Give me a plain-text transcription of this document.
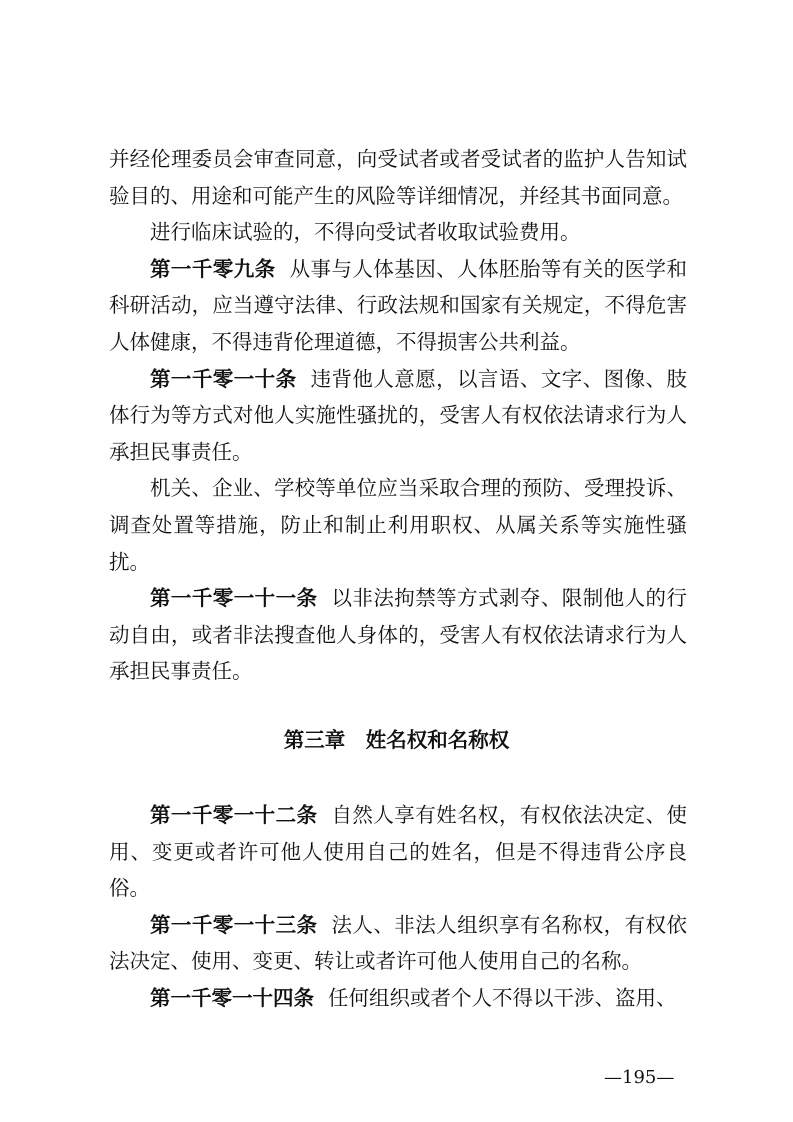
并经伦理委员会审查同意，向受试者或者受试者的监护人告知试验目的、用途和可能产生的风险等详细情况，并经其书面同意。

进行临床试验的，不得向受试者收取试验费用。

第一千零九条 从事与人体基因、人体胚胎等有关的医学和科研活动，应当遵守法律、行政法规和国家有关规定，不得危害人体健康，不得违背伦理道德，不得损害公共利益。

第一千零一十条 违背他人意愿，以言语、文字、图像、肢体行为等方式对他人实施性骚扰的，受害人有权依法请求行为人承担民事责任。

机关、企业、学校等单位应当采取合理的预防、受理投诉、调查处置等措施，防止和制止利用职权、从属关系等实施性骚扰。

第一千零一十一条 以非法拘禁等方式剥夺、限制他人的行动自由，或者非法搜查他人身体的，受害人有权依法请求行为人承担民事责任。

第三章　姓名权和名称权

第一千零一十二条 自然人享有姓名权，有权依法决定、使用、变更或者许可他人使用自己的姓名，但是不得违背公序良俗。

第一千零一十三条 法人、非法人组织享有名称权，有权依法决定、使用、变更、转让或者许可他人使用自己的名称。

第一千零一十四条 任何组织或者个人不得以干涉、盗用、

—195—
